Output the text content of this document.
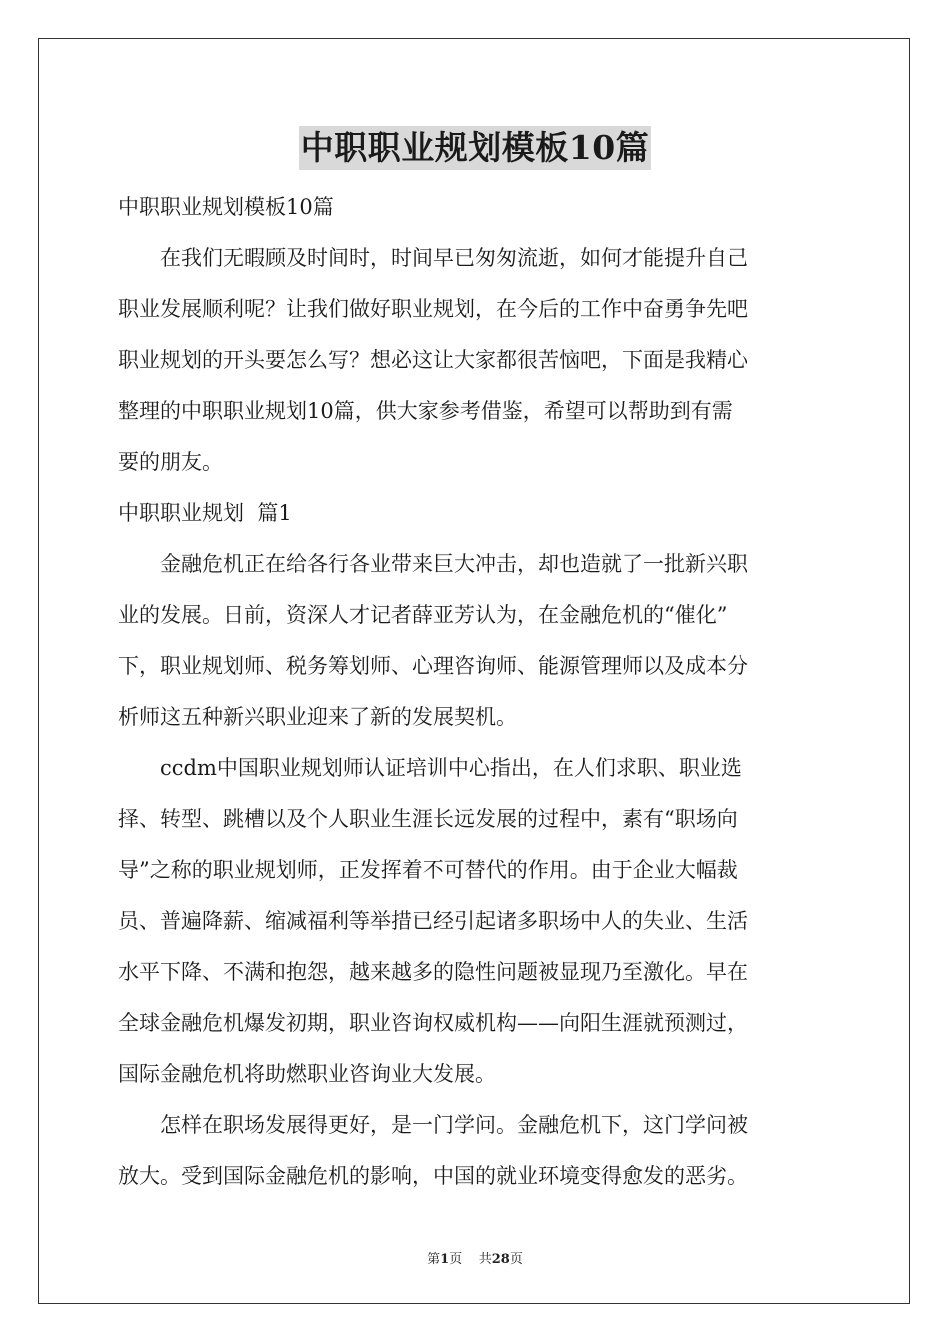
中职职业规划模板10篇
中职职业规划模板10篇
在我们无暇顾及时间时，时间早已匆匆流逝，如何才能提升自己
职业发展顺利呢？让我们做好职业规划，在今后的工作中奋勇争先吧
职业规划的开头要怎么写？想必这让大家都很苦恼吧，下面是我精心
整理的中职职业规划10篇，供大家参考借鉴，希望可以帮助到有需
要的朋友。
中职职业规划  篇1
金融危机正在给各行各业带来巨大冲击，却也造就了一批新兴职
业的发展。日前，资深人才记者薛亚芳认为，在金融危机的“催化”
下，职业规划师、税务筹划师、心理咨询师、能源管理师以及成本分
析师这五种新兴职业迎来了新的发展契机。
ccdm中国职业规划师认证培训中心指出，在人们求职、职业选
择、转型、跳槽以及个人职业生涯长远发展的过程中，素有“职场向
导”之称的职业规划师，正发挥着不可替代的作用。由于企业大幅裁
员、普遍降薪、缩减福利等举措已经引起诸多职场中人的失业、生活
水平下降、不满和抱怨，越来越多的隐性问题被显现乃至激化。早在
全球金融危机爆发初期，职业咨询权威机构——向阳生涯就预测过，
国际金融危机将助燃职业咨询业大发展。
怎样在职场发展得更好，是一门学问。金融危机下，这门学问被
放大。受到国际金融危机的影响，中国的就业环境变得愈发的恶劣。
第1页 共28页
